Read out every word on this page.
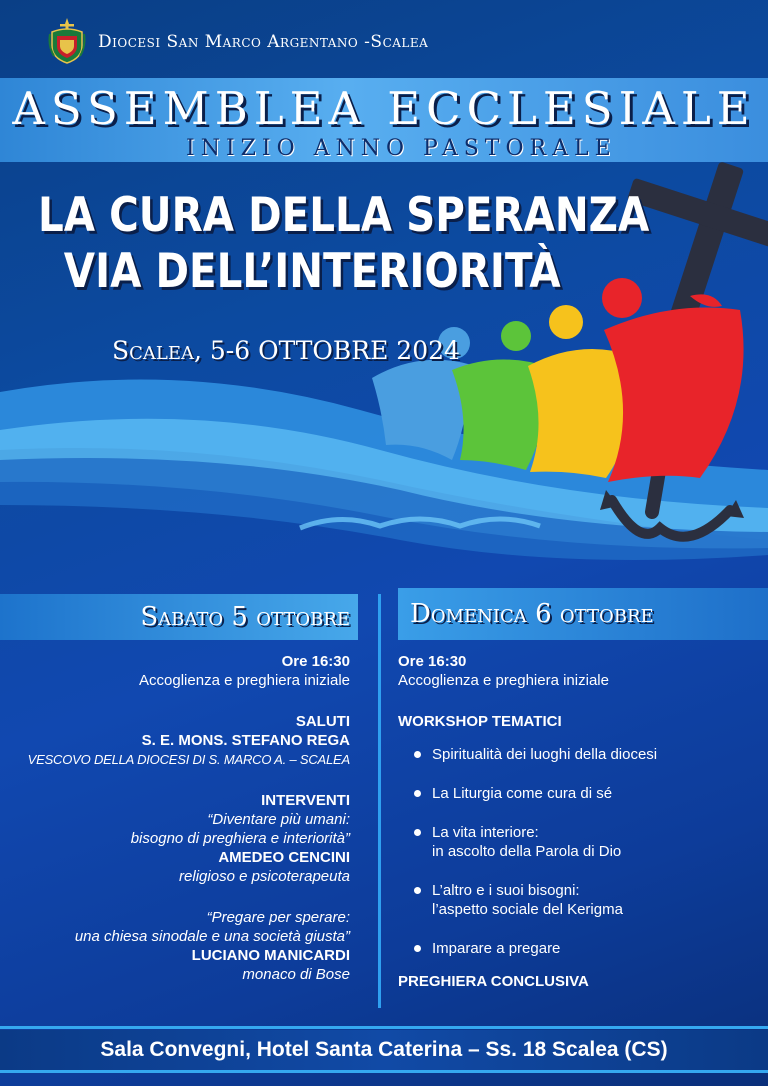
Diocesi San Marco Argentano -Scalea
ASSEMBLEA ECCLESIALE
INIZIO ANNO PASTORALE
LA CURA DELLA SPERANZA
VIA DELL’INTERIORITÀ
Scalea, 5-6 OTTOBRE 2024
Sabato 5 ottobre Domenica 6 ottobre
Ore 16:30
Accoglienza e preghiera iniziale
SALUTI
S. E. MONS. STEFANO REGA
VESCOVO DELLA DIOCESI DI S. MARCO A. – SCALEA
INTERVENTI
“Diventare più umani:
bisogno di preghiera e interiorità”
AMEDEO CENCINI
religioso e psicoterapeuta
“Pregare per sperare:
una chiesa sinodale e una società giusta”
LUCIANO MANICARDI
monaco di Bose
Ore 16:30
Accoglienza e preghiera iniziale
WORKSHOP TEMATICI
Spiritualità dei luoghi della diocesi
La Liturgia come cura di sé
La vita interiore:
in ascolto della Parola di Dio
L’altro e i suoi bisogni:
l’aspetto sociale del Kerigma
Imparare a pregare
PREGHIERA CONCLUSIVA
Sala Convegni, Hotel Santa Caterina – Ss. 18 Scalea (CS)
